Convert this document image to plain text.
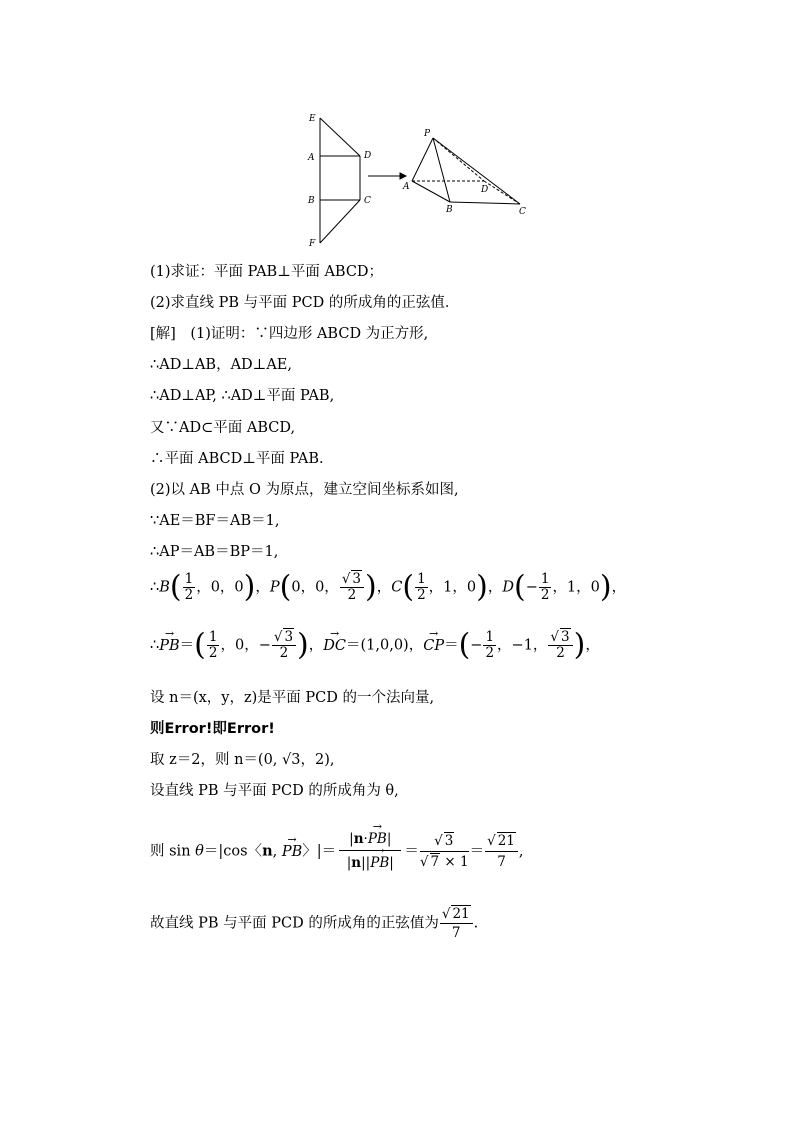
E
A
B
F
D
C
P
A	D
B	C
(1)求证：平面 PAB⊥平面 ABCD；
(2)求直线 PB 与平面 PCD 的所成角的正弦值．
[解]　(1)证明：∵四边形 ABCD 为正方形,
∴AD⊥AB，AD⊥AE,
∴AD⊥AP, ∴AD⊥平面 PAB,
又∵AD⊂平面 ABCD,
∴平面 ABCD⊥平面 PAB.
(2)以 AB 中点 O 为原点，建立空间坐标系如图,
∵AE＝BF＝AB＝1,
∴AP＝AB＝BP＝1,
∴B( $\frac{1}{2}$ ，0，0)，P(0，0， $\frac{√ 3}{2}$ )，$C( \frac{1}{2}$ ，1，0)，$D(- \frac{1}{2}$ ，1，0)，
∴→ $PB=( \frac{1}{2}$ ，0，− $\frac{√ 3}{2}$ )，→ DC＝(1,0,0)，→ $CP=(- \frac{1}{2}$ ，−1， $\frac{√ 3}{2}$ )，
设 n＝(x，y，z)是平面 PCD 的一个法向量,
则Error!即Error!
取 z＝2，则 n＝(0, √3，2),
设直线 PB 与平面 PCD 的所成角为 θ,
则 sin θ＝|cos〈n, → PB〉|＝ $\frac{|n\cdot\to PB|}{|n||\to PB|} = \frac{√ 3}{√ 7 \times 1} = \frac{√ 21}{7}$ ,
故直线 PB 与平面 PCD 的所成角的正弦值为 $\frac{√ 21}{7}$ .
